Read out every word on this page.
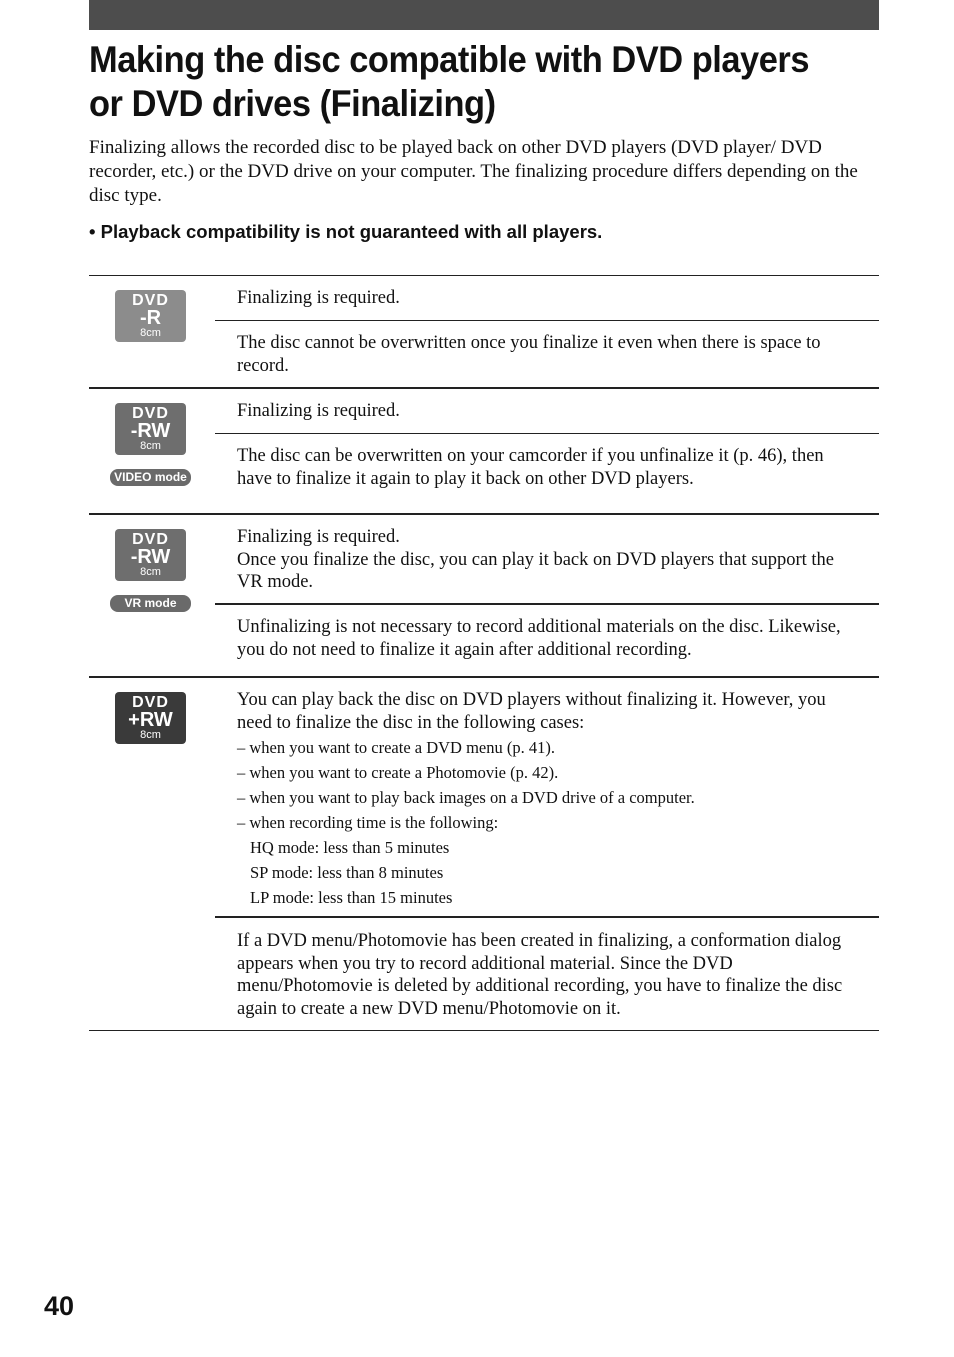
Making the disc compatible with DVD players or DVD drives (Finalizing)

Finalizing allows the recorded disc to be played back on other DVD players (DVD player/ DVD recorder, etc.) or the DVD drive on your computer. The finalizing procedure differs depending on the disc type.

• Playback compatibility is not guaranteed with all players.

DVD
-R
8cm

Finalizing is required.

The disc cannot be overwritten once you finalize it even when there is space to record.

DVD
-RW
8cm
VIDEO mode

Finalizing is required.

The disc can be overwritten on your camcorder if you unfinalize it (p. 46), then have to finalize it again to play it back on other DVD players.

DVD
-RW
8cm
VR mode
Finalizing is required.
Once you finalize the disc, you can play it back on DVD players that support the VR mode.

Unfinalizing is not necessary to record additional materials on the disc. Likewise, you do not need to finalize it again after additional recording.

DVD
+RW
8cm
You can play back the disc on DVD players without finalizing it. However, you need to finalize the disc in the following cases:
– when you want to create a DVD menu (p. 41).
– when you want to create a Photomovie (p. 42).
– when you want to play back images on a DVD drive of a computer.
– when recording time is the following:
HQ mode: less than 5 minutes
SP mode: less than 8 minutes
LP mode: less than 15 minutes

If a DVD menu/Photomovie has been created in finalizing, a conformation dialog appears when you try to record additional material. Since the DVD menu/Photomovie is deleted by additional recording, you have to finalize the disc again to create a new DVD menu/Photomovie on it.

40
